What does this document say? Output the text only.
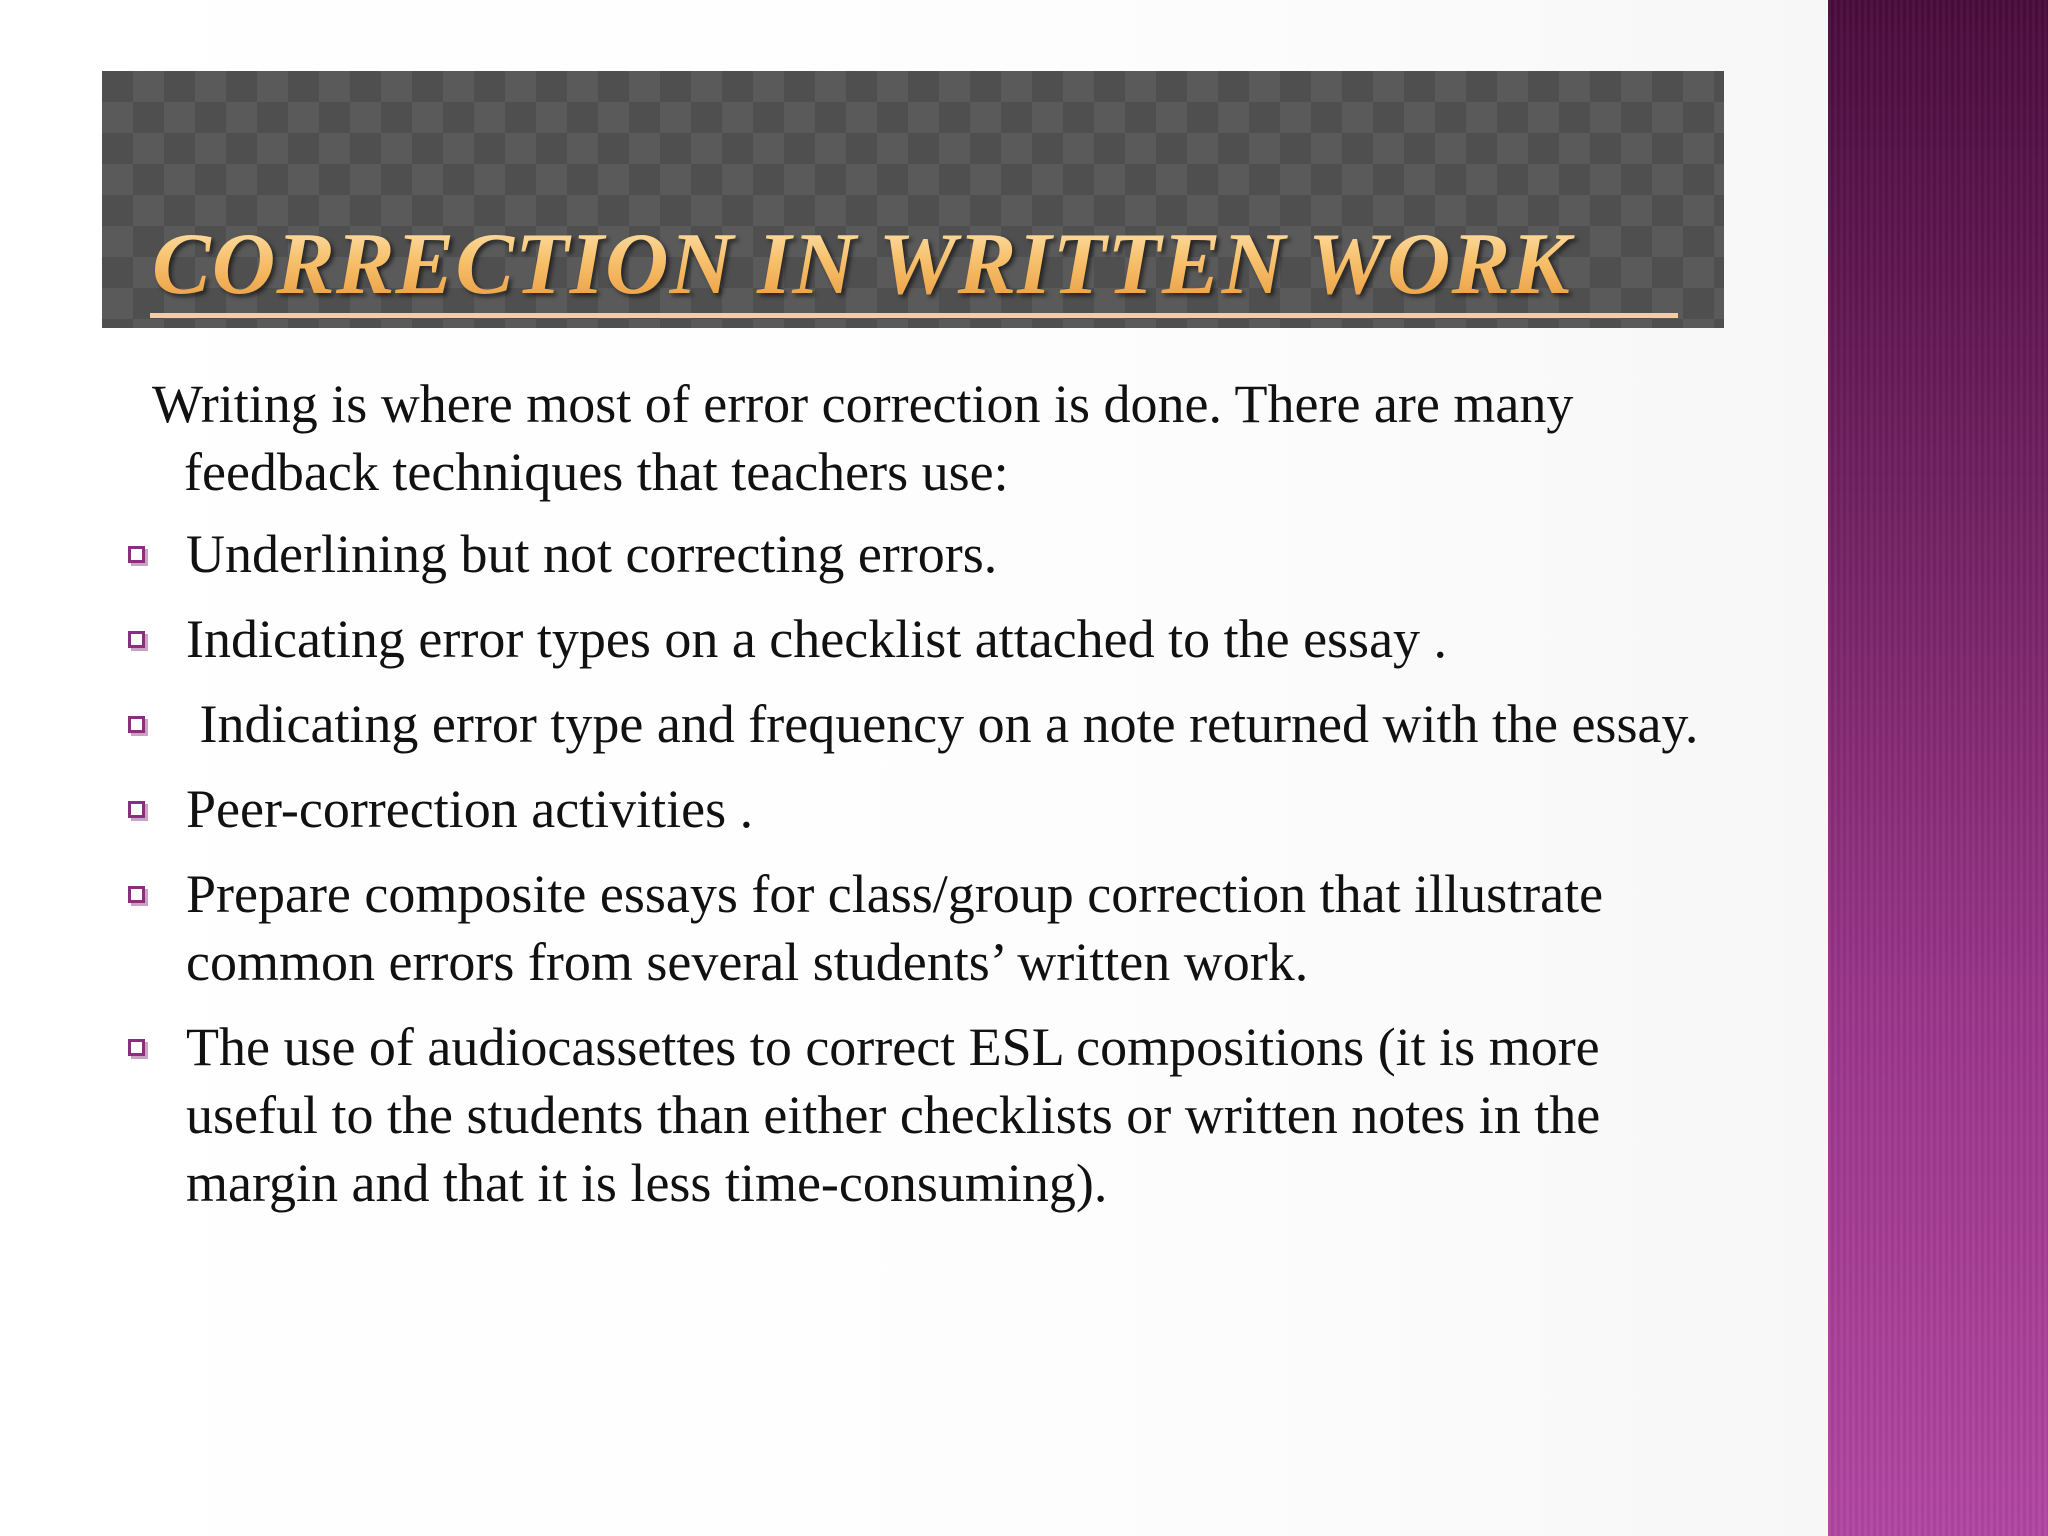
CORRECTION IN WRITTEN WORK

Writing is where most of error correction is done. There are many feedback techniques that teachers use:

Underlining but not correcting errors.
Indicating error types on a checklist attached to the essay .
Indicating error type and frequency on a note returned with the essay.
Peer-correction activities .
Prepare composite essays for class/group correction that illustrate common errors from several students’ written work.
The use of audiocassettes to correct ESL compositions (it is more useful to the students than either checklists or written notes in the margin and that it is less time-consuming).
